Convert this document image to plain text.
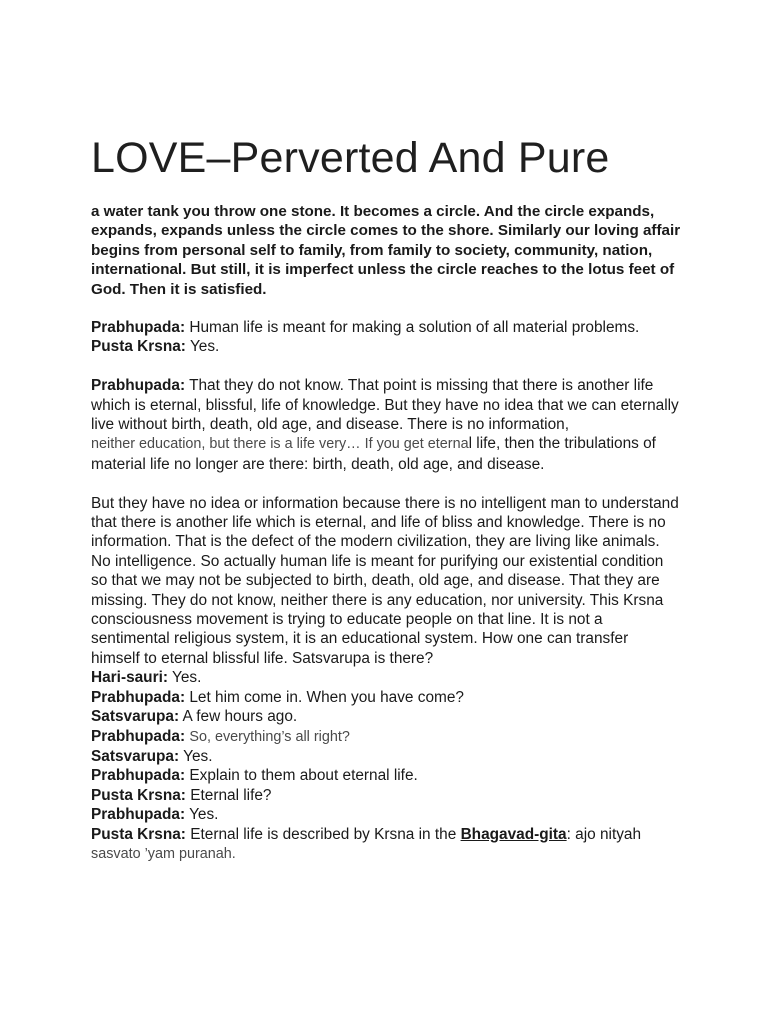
LOVE–Perverted And Pure
a water tank you throw one stone. It becomes a circle. And the circle expands, expands, expands unless the circle comes to the shore. Similarly our loving affair begins from personal self to family, from family to society, community, nation, international. But still, it is imperfect unless the circle reaches to the lotus feet of God. Then it is satisfied.

Prabhupada: Human life is meant for making a solution of all material problems.

Pusta Krsna: Yes.

Prabhupada: That they do not know. That point is missing that there is another life which is eternal, blissful, life of knowledge. But they have no idea that we can eternally live without birth, death, old age, and disease. There is no information,
neither education, but there is a life very… If you get eternal life, then the tribulations of material life no longer are there: birth, death, old age, and disease.

But they have no idea or information because there is no intelligent man to understand that there is another life which is eternal, and life of bliss and knowledge. There is no information. That is the defect of the modern civilization, they are living like animals. No intelligence. So actually human life is meant for purifying our existential condition so that we may not be subjected to birth, death, old age, and disease. That they are missing. They do not know, neither there is any education, nor university. This Krsna consciousness movement is trying to educate people on that line. It is not a sentimental religious system, it is an educational system. How one can transfer himself to eternal blissful life. Satsvarupa is there?

Hari-sauri: Yes.

Prabhupada: Let him come in. When you have come?

Satsvarupa: A few hours ago.

Prabhupada: So, everything’s all right?

Satsvarupa: Yes.

Prabhupada: Explain to them about eternal life.

Pusta Krsna: Eternal life?

Prabhupada: Yes.

Pusta Krsna: Eternal life is described by Krsna in the Bhagavad-gita: ajo nityah
sasvato ’yam puranah.
